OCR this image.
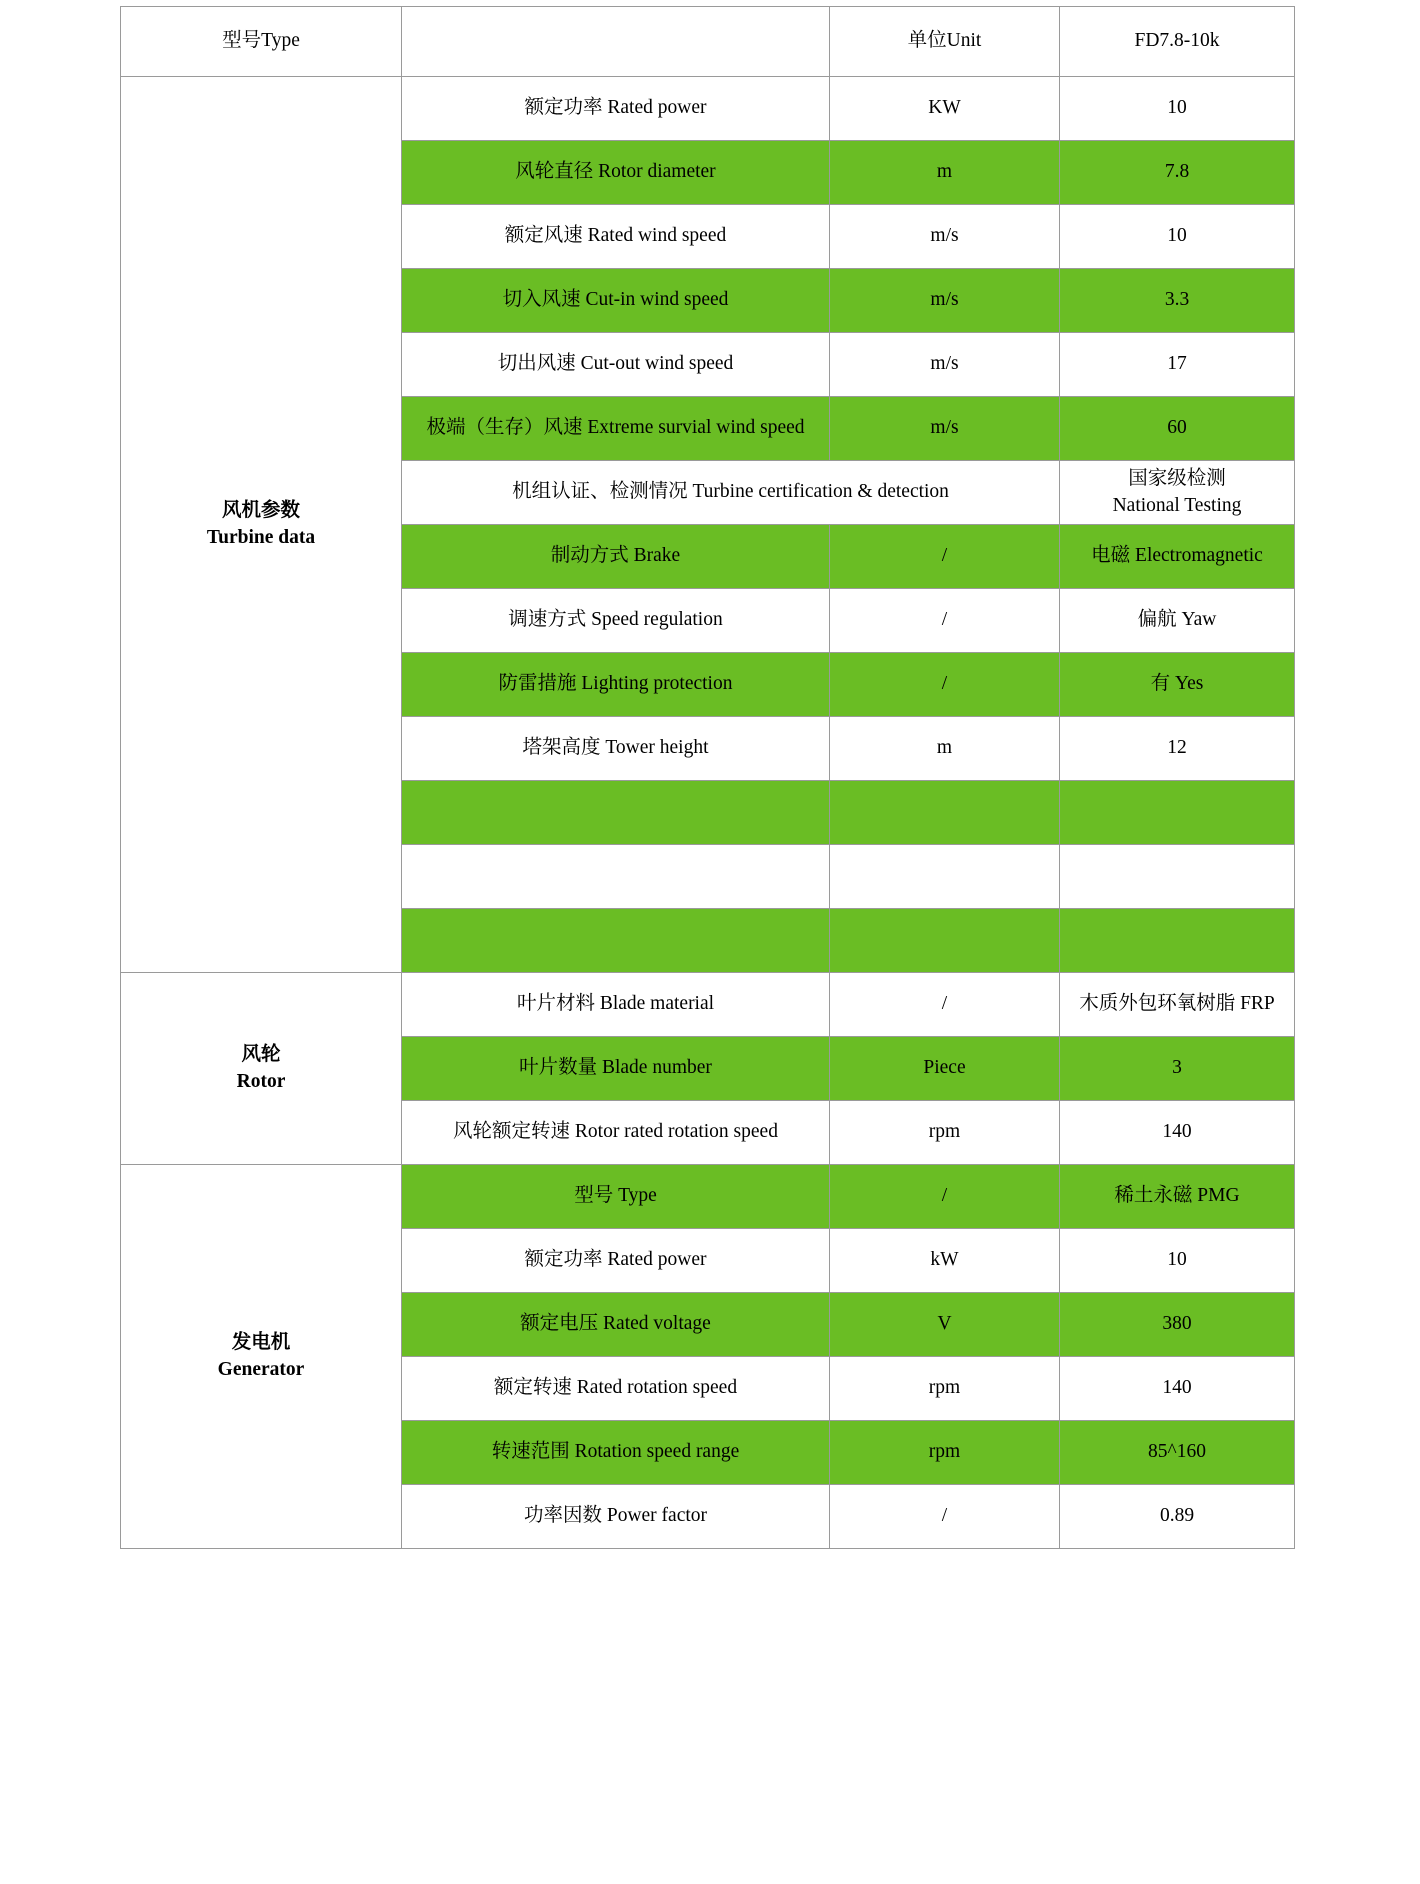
型号Type		单位Unit	FD7.8-10k
风机参数
Turbine data	额定功率 Rated power	KW	10
	风轮直径 Rotor diameter	m	7.8
	额定风速 Rated wind speed	m/s	10
	切入风速 Cut-in wind speed	m/s	3.3
	切出风速 Cut-out wind speed	m/s	17
	极端（生存）风速 Extreme survial wind speed	m/s	60
	机组认证、检测情况 Turbine certification & detection		国家级检测
National Testing
	制动方式 Brake	/	电磁 Electromagnetic
	调速方式 Speed regulation	/	偏航 Yaw
	防雷措施 Lighting protection	/	有 Yes
	塔架高度 Tower height	m	12

风轮
Rotor	叶片材料 Blade material	/	木质外包环氧树脂 FRP
	叶片数量 Blade number	Piece	3
	风轮额定转速 Rotor rated rotation speed	rpm	140
发电机
Generator	型号 Type	/	稀土永磁 PMG
	额定功率 Rated power	kW	10
	额定电压 Rated voltage	V	380
	额定转速 Rated rotation speed	rpm	140
	转速范围 Rotation speed range	rpm	85^160
	功率因数 Power factor	/	0.89
